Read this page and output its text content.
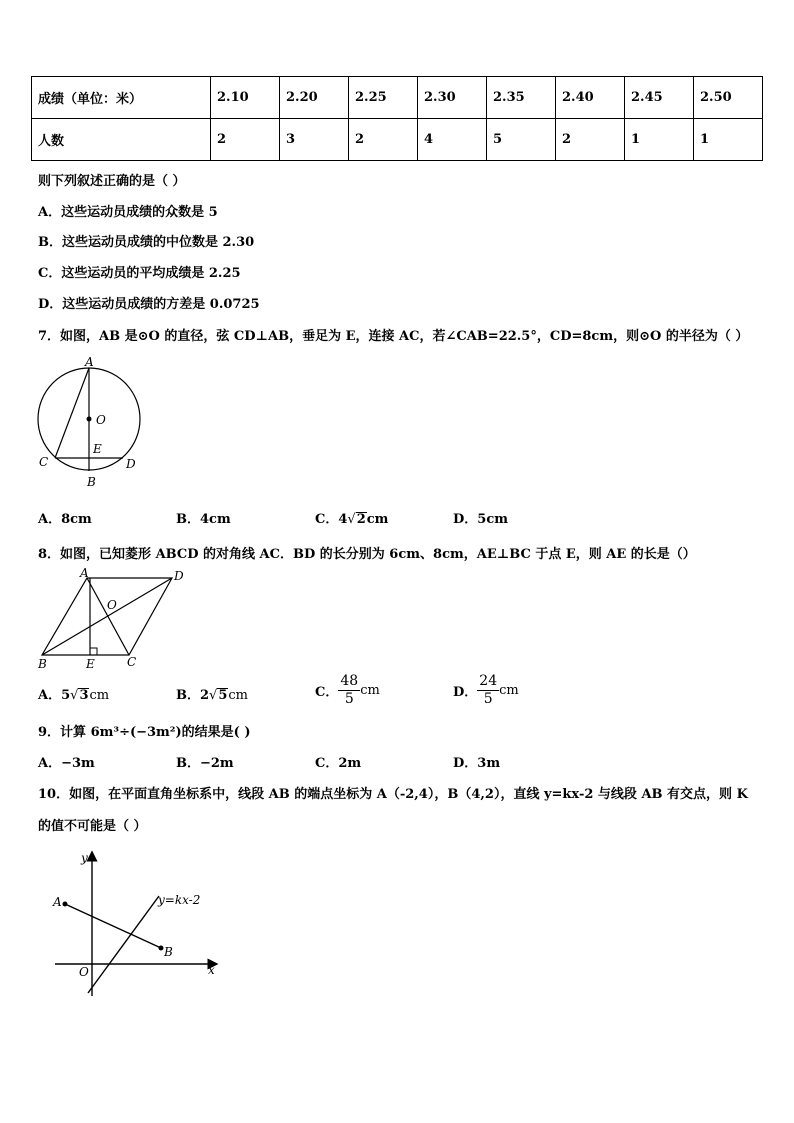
成绩（单位：米）	2.10	2.20	2.25	2.30	2.35	2.40	2.45	2.50
人数	2	3	2	4	5	2	1	1
则下列叙述正确的是（ ）
A．这些运动员成绩的众数是 5
B．这些运动员成绩的中位数是 2.30
C．这些运动员的平均成绩是 2.25
D．这些运动员成绩的方差是 0.0725
7．如图，AB 是⊙O 的直径，弦 CD⊥AB，垂足为 E，连接 AC，若∠CAB=22.5°，CD=8cm，则⊙O 的半径为（ ）
A
O
E
C	D
B
A．8cm	B．4cm	C．4√2cm	D．5cm
8．如图，已知菱形 ABCD 的对角线 AC．BD 的长分别为 6cm、8cm，AE⊥BC 于点 E，则 AE 的长是（）
A	D
O
B	E	C
A．5√3cm	B．2√5cm	C． $\frac{48}{5}$ cm	D． $\frac{24}{5}$ cm
9．计算 6m³÷(−3m²)的结果是( )
A．−3m	B．−2m	C．2m	D．3m
10．如图，在平面直角坐标系中，线段 AB 的端点坐标为 A（-2,4），B（4,2），直线 y=kx-2 与线段 AB 有交点，则 K
的值不可能是（ ）
y
x
O
A
B
y=kx-2
